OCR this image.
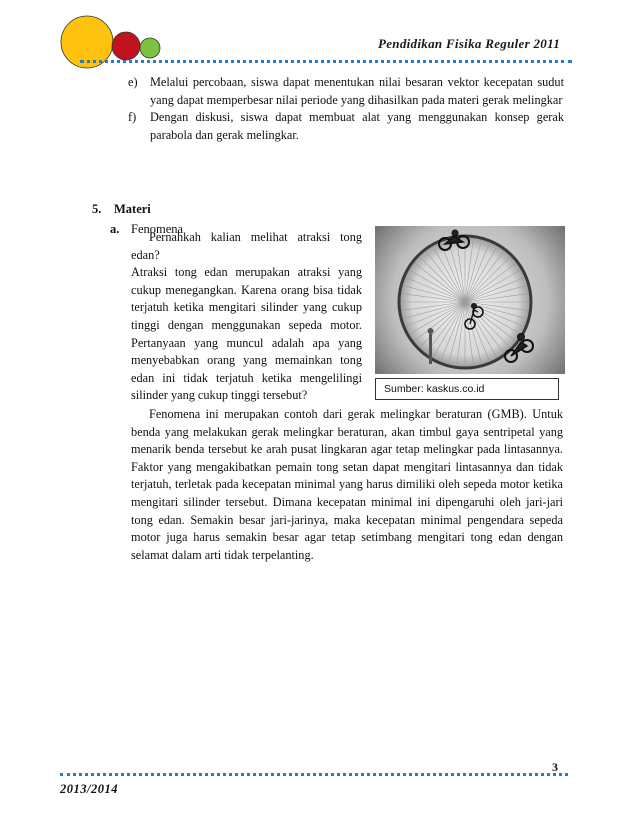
Pendidikan Fisika Reguler 2011
e) Melalui percobaan, siswa dapat menentukan nilai besaran vektor kecepatan sudut yang dapat memperbesar nilai periode yang dihasilkan pada materi gerak melingkar
f) Dengan diskusi, siswa dapat membuat alat yang menggunakan konsep gerak parabola dan gerak melingkar.
5. Materi
a. Fenomena
Pernahkah kalian melihat atraksi tong edan?
Atraksi tong edan merupakan atraksi yang cukup menegangkan. Karena orang bisa tidak terjatuh ketika mengitari silinder yang cukup tinggi dengan menggunakan sepeda motor. Pertanyaan yang muncul adalah apa yang menyebabkan orang yang memainkan tong edan ini tidak terjatuh ketika mengelilingi silinder yang cukup tinggi tersebut?	Sumber: kaskus.co.id
Fenomena ini merupakan contoh dari gerak melingkar beraturan (GMB). Untuk benda yang melakukan gerak melingkar beraturan, akan timbul gaya sentripetal yang menarik benda tersebut ke arah pusat lingkaran agar tetap melingkar pada lintasannya. Faktor yang mengakibatkan pemain tong setan dapat mengitari lintasannya dan tidak terjatuh, terletak pada kecepatan minimal yang harus dimiliki oleh sepeda motor ketika mengitari silinder tersebut. Dimana kecepatan minimal ini dipengaruhi oleh jari-jari tong edan. Semakin besar jari-jarinya, maka kecepatan minimal pengendara sepeda motor juga harus semakin besar agar tetap setimbang mengitari tong edan dengan selamat dalam arti tidak terpelanting.
3
2013/2014
